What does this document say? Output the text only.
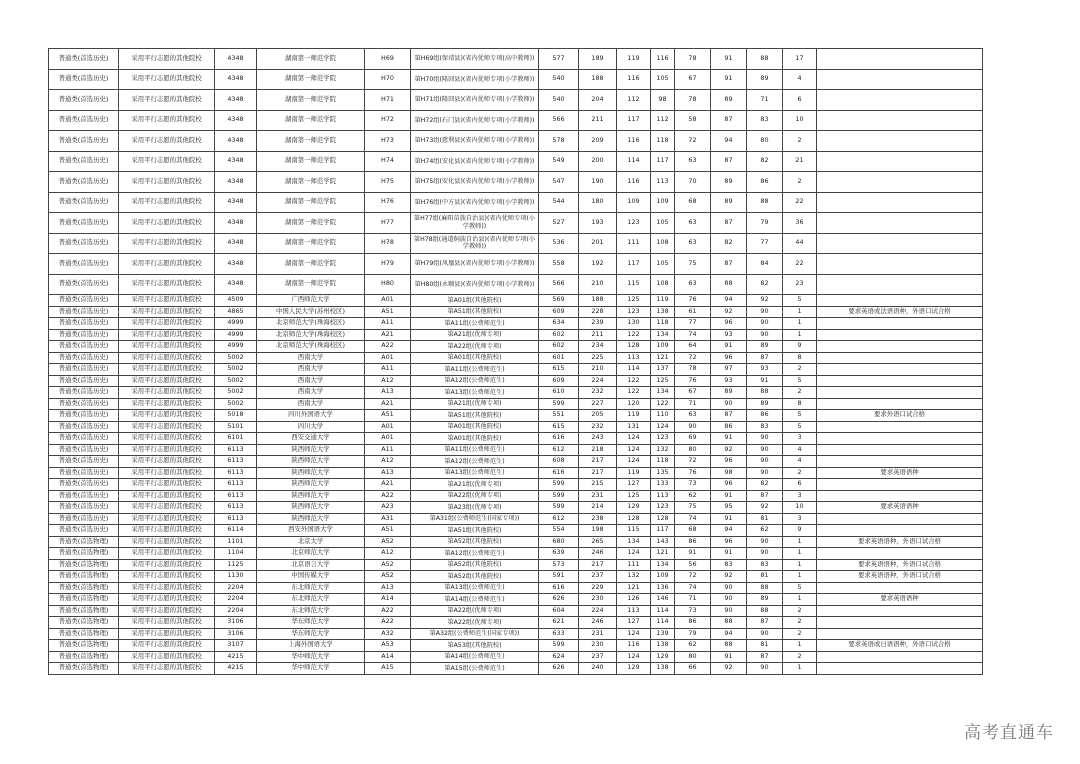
普通类(首选历史)	采用平行志愿的其他院校	4348	湖南第一师范学院	H69	第H69组(保靖县)(省内优师专项(高中教师))	577	189	119	116	78	91	88	17	
普通类(首选历史)	采用平行志愿的其他院校	4348	湖南第一师范学院	H70	第H70组(隆回县)(省内优师专项(小学教师))	540	188	116	105	67	91	89	4	
普通类(首选历史)	采用平行志愿的其他院校	4348	湖南第一师范学院	H71	第H71组(隆回县)(省内优师专项(小学教师))	540	204	112	98	78	89	71	6	
普通类(首选历史)	采用平行志愿的其他院校	4348	湖南第一师范学院	H72	第H72组(石门县)(省内优师专项(小学教师))	566	211	117	112	58	87	83	10	
普通类(首选历史)	采用平行志愿的其他院校	4348	湖南第一师范学院	H73	第H73组(慈利县)(省内优师专项(小学教师))	578	209	116	118	72	94	80	2	
普通类(首选历史)	采用平行志愿的其他院校	4348	湖南第一师范学院	H74	第H74组(安化县)(省内优师专项(小学教师))	549	200	114	117	63	87	82	21	
普通类(首选历史)	采用平行志愿的其他院校	4348	湖南第一师范学院	H75	第H75组(安化县)(省内优师专项(小学教师))	547	190	116	113	70	89	86	2	
普通类(首选历史)	采用平行志愿的其他院校	4348	湖南第一师范学院	H76	第H76组(中方县)(省内优师专项(小学教师))	544	180	109	109	68	89	88	22	
普通类(首选历史)	采用平行志愿的其他院校	4348	湖南第一师范学院	H77	第H77组(麻阳苗族自治县)(省内优师专项(小学教师))	527	193	123	105	63	87	79	36	
普通类(首选历史)	采用平行志愿的其他院校	4348	湖南第一师范学院	H78	第H78组(通道侗族自治县)(省内优师专项(小学教师))	536	201	111	108	63	82	77	44	
普通类(首选历史)	采用平行志愿的其他院校	4348	湖南第一师范学院	H79	第H79组(凤凰县)(省内优师专项(小学教师))	558	192	117	105	75	87	84	22	
普通类(首选历史)	采用平行志愿的其他院校	4348	湖南第一师范学院	H80	第H80组(永顺县)(省内优师专项(小学教师))	566	210	115	108	63	88	82	23	
普通类(首选历史)	采用平行志愿的其他院校	4509	广西师范大学	A01	第A01组(其他院校)	569	188	125	119	76	94	92	5	
普通类(首选历史)	采用平行志愿的其他院校	4865	中国人民大学(苏州校区)	A51	第A51组(其他院校)	609	228	123	138	61	92	90	1	要求英语或法语语种，外语口试合格
普通类(首选历史)	采用平行志愿的其他院校	4999	北京师范大学(珠海校区)	A11	第A11组(公费师范生)	634	239	130	118	77	96	90	1	
普通类(首选历史)	采用平行志愿的其他院校	4999	北京师范大学(珠海校区)	A21	第A21组(优师专项)	602	211	122	134	74	93	90	1	
普通类(首选历史)	采用平行志愿的其他院校	4999	北京师范大学(珠海校区)	A22	第A22组(优师专项)	602	234	128	109	64	91	89	9	
普通类(首选历史)	采用平行志愿的其他院校	5002	西南大学	A01	第A01组(其他院校)	601	225	113	121	72	96	87	8	
普通类(首选历史)	采用平行志愿的其他院校	5002	西南大学	A11	第A11组(公费师范生)	615	210	114	137	78	97	93	2	
普通类(首选历史)	采用平行志愿的其他院校	5002	西南大学	A12	第A12组(公费师范生)	609	224	122	125	76	93	91	5	
普通类(首选历史)	采用平行志愿的其他院校	5002	西南大学	A13	第A13组(公费师范生)	610	232	122	134	67	89	88	2	
普通类(首选历史)	采用平行志愿的其他院校	5002	西南大学	A21	第A21组(优师专项)	599	227	120	122	71	90	89	8	
普通类(首选历史)	采用平行志愿的其他院校	5018	四川外国语大学	A51	第A51组(其他院校)	551	205	119	110	63	87	86	5	要求外语口试合格
普通类(首选历史)	采用平行志愿的其他院校	5101	四川大学	A01	第A01组(其他院校)	615	232	131	124	90	86	83	5	
普通类(首选历史)	采用平行志愿的其他院校	6101	西安交通大学	A01	第A01组(其他院校)	616	243	124	123	69	91	90	3	
普通类(首选历史)	采用平行志愿的其他院校	6113	陕西师范大学	A11	第A11组(公费师范生)	612	218	124	132	80	92	90	4	
普通类(首选历史)	采用平行志愿的其他院校	6113	陕西师范大学	A12	第A12组(公费师范生)	608	217	124	118	72	96	90	4	
普通类(首选历史)	采用平行志愿的其他院校	6113	陕西师范大学	A13	第A13组(公费师范生)	616	217	119	135	76	98	90	2	要求英语语种
普通类(首选历史)	采用平行志愿的其他院校	6113	陕西师范大学	A21	第A21组(优师专项)	599	215	127	133	73	96	82	6	
普通类(首选历史)	采用平行志愿的其他院校	6113	陕西师范大学	A22	第A22组(优师专项)	599	231	125	113	62	91	87	3	
普通类(首选历史)	采用平行志愿的其他院校	6113	陕西师范大学	A23	第A23组(优师专项)	599	214	129	123	75	95	92	10	要求英语语种
普通类(首选历史)	采用平行志愿的其他院校	6113	陕西师范大学	A31	第A31组(公费师范生(国家专项))	612	238	128	128	74	91	81	3	
普通类(首选历史)	采用平行志愿的其他院校	6114	西安外国语大学	A51	第A51组(其他院校)	554	198	115	117	68	94	62	9	
普通类(首选物理)	采用平行志愿的其他院校	1101	北京大学	A52	第A52组(其他院校)	680	265	134	143	86	96	90	1	要求英语语种，外语口试合格
普通类(首选物理)	采用平行志愿的其他院校	1104	北京师范大学	A12	第A12组(公费师范生)	639	246	124	121	91	91	90	1	
普通类(首选物理)	采用平行志愿的其他院校	1125	北京语言大学	A52	第A52组(其他院校)	573	217	111	134	56	83	83	1	要求英语语种，外语口试合格
普通类(首选物理)	采用平行志愿的其他院校	1130	中国传媒大学	A52	第A52组(其他院校)	591	237	132	109	72	92	81	1	要求英语语种，外语口试合格
普通类(首选物理)	采用平行志愿的其他院校	2204	东北师范大学	A13	第A13组(公费师范生)	616	229	121	136	74	90	88	5	
普通类(首选物理)	采用平行志愿的其他院校	2204	东北师范大学	A14	第A14组(公费师范生)	626	230	126	146	71	90	89	1	要求英语语种
普通类(首选物理)	采用平行志愿的其他院校	2204	东北师范大学	A22	第A22组(优师专项)	604	224	113	114	73	90	88	2	
普通类(首选物理)	采用平行志愿的其他院校	3106	华东师范大学	A22	第A22组(优师专项)	621	246	127	114	86	88	87	2	
普通类(首选物理)	采用平行志愿的其他院校	3106	华东师范大学	A32	第A32组(公费师范生(国家专项))	633	231	124	139	79	94	90	2	
普通类(首选物理)	采用平行志愿的其他院校	3107	上海外国语大学	A53	第A53组(其他院校)	599	230	116	138	62	88	81	1	要求英语或日语语种，外语口试合格
普通类(首选物理)	采用平行志愿的其他院校	4215	华中师范大学	A14	第A14组(公费师范生)	624	237	124	129	80	91	87	2	
普通类(首选物理)	采用平行志愿的其他院校	4215	华中师范大学	A15	第A15组(公费师范生)	626	240	129	138	66	92	90	1	
高考直通车
